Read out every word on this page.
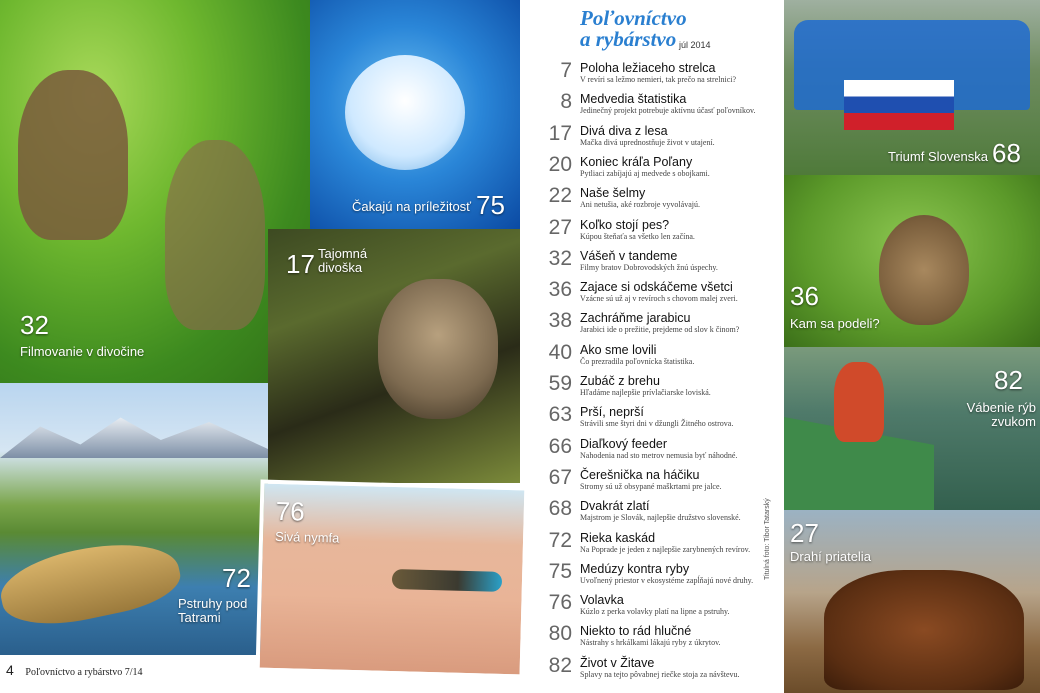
32
Filmovanie v divočine
Čakajú na príležitosť 75
17 Tajomná divoška
72
Pstruhy pod Tatrami
76
Sivá nymfa
Triumf Slovenska 68
36
Kam sa podeli?
82
Vábenie rýb zvukom
27
Drahí priatelia
Poľovníctvo
a rybárstvo júl 2014
7 Poloha ležiaceho strelca
V revíri sa ležmo nemieri, tak prečo na strelnici?
8 Medvedia štatistika
Jedinečný projekt potrebuje aktívnu účasť poľovníkov.
17 Divá diva z lesa
Mačka divá uprednostňuje život v utajení.
20 Koniec kráľa Poľany
Pytliaci zabíjajú aj medvede s obojkami.
22 Naše šelmy
Ani netušia, aké rozbroje vyvolávajú.
27 Koľko stojí pes?
Kúpou šteňaťa sa všetko len začína.
32 Vášeň v tandeme
Filmy bratov Dobrovodských žnú úspechy.
36 Zajace si odskáčeme všetci
Vzácne sú už aj v revíroch s chovom malej zveri.
38 Zachráňme jarabicu
Jarabici ide o prežitie, prejdeme od slov k činom?
40 Ako sme lovili
Čo prezradila poľovnícka štatistika.
59 Zubáč z brehu
Hľadáme najlepšie prívlačiarske loviská.
63 Prší, neprší
Strávili sme štyri dni v džungli Žitného ostrova.
66 Diaľkový feeder
Nahodenia nad sto metrov nemusia byť náhodné.
67 Čerešnička na háčiku
Stromy sú už obsypané maškrtami pre jalce.
68 Dvakrát zlatí
Majstrom je Slovák, najlepšie družstvo slovenské.
72 Rieka kaskád
Na Poprade je jeden z najlepšie zarybnených revírov.
75 Medúzy kontra ryby
Uvoľnený priestor v ekosystéme zapĺňajú nové druhy.
76 Volavka
Kúzlo z perka volavky platí na lipne a pstruhy.
80 Niekto to rád hlučné
Nástrahy s hrkálkami lákajú ryby z úkrytov.
82 Život v Žitave
Splavy na tejto pôvabnej riečke stoja za návštevu.
Titulná foto: Tibor Tatarský
4 Poľovníctvo a rybárstvo 7/14
